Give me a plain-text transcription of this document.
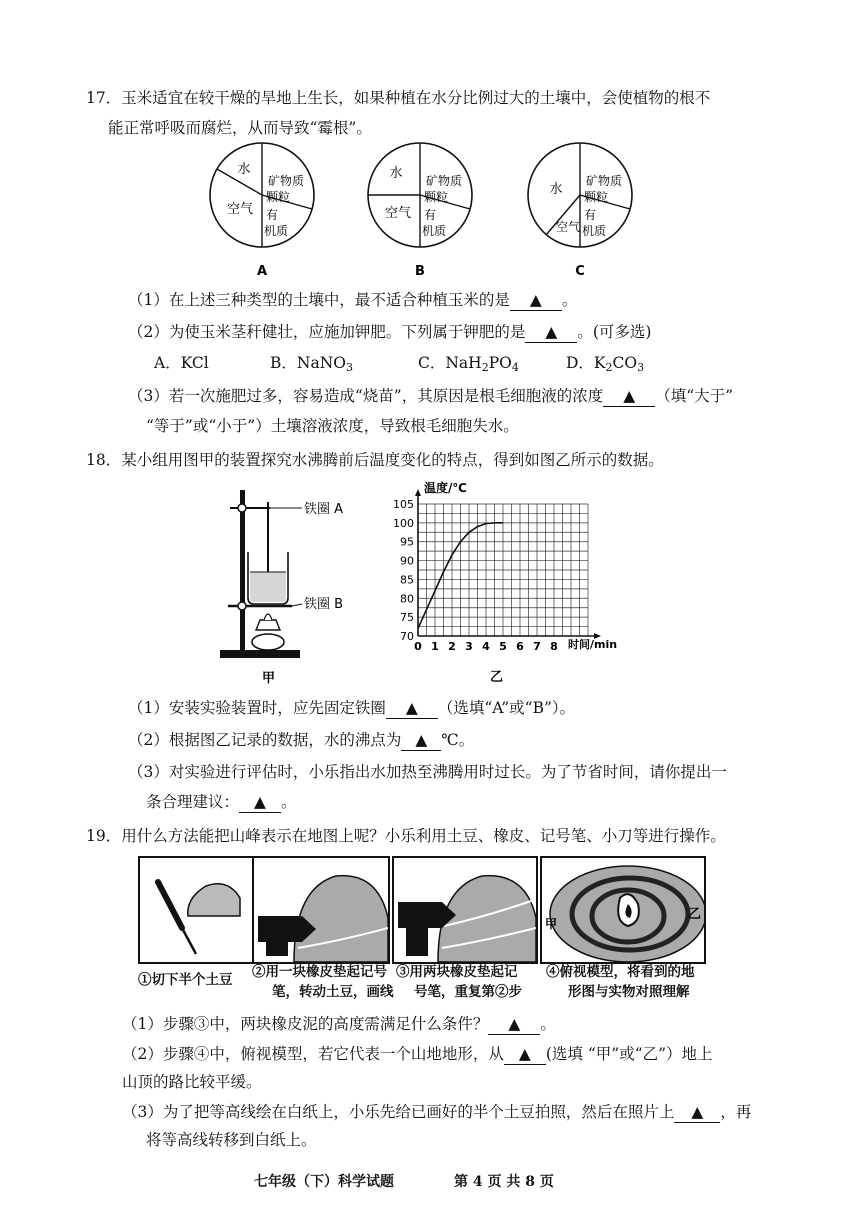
17．玉米适宜在较干燥的旱地上生长，如果种植在水分比例过大的土壤中，会使植物的根不
能正常呼吸而腐烂，从而导致“霉根”。
水
空气
矿物质
颗粒
有
机质
A
水
空气
矿物质
颗粒
有
机质
B
水
空气
矿物质
颗粒
有
机质
C
（1）在上述三种类型的土壤中，最不适合种植玉米的是 ▲ 。
（2）为使玉米茎秆健壮，应施加钾肥。下列属于钾肥的是 ▲ 。(可多选)
A．KCl	B．NaNO$_3$	C．$NaH_2PO_4$	D．$K_2CO_3$
（3）若一次施肥过多，容易造成“烧苗”，其原因是根毛细胞液的浓度 ▲ （填“大于”
“等于”或“小于”）土壤溶液浓度，导致根毛细胞失水。
18．某小组用图甲的装置探究水沸腾前后温度变化的特点，得到如图乙所示的数据。
铁圈 A
铁圈 B
甲
0 1 2 3 4 5 6 7 8
70
75
80
85
90
95
100
105
温度/℃
时间/min
乙
（1）安装实验装置时，应先固定铁圈 ▲ （选填“A”或“B”）。
（2）根据图乙记录的数据，水的沸点为 ▲ ℃。
（3）对实验进行评估时，小乐指出水加热至沸腾用时过长。为了节省时间，请你提出一
条合理建议： ▲ 。
19．用什么方法能把山峰表示在地图上呢？小乐利用土豆、橡皮、记号笔、小刀等进行操作。
甲
乙
①切下半个土豆 ②用一块橡皮垫起记号
笔，转动土豆，画线
③用两块橡皮垫起记
号笔，重复第②步
④俯视模型，将看到的地
形图与实物对照理解
（1）步骤③中，两块橡皮泥的高度需满足什么条件？ ▲ 。
（2）步骤④中，俯视模型，若它代表一个山地地形，从 ▲ (选填 “甲”或“乙”）地上
山顶的路比较平缓。
（3）为了把等高线绘在白纸上，小乐先给已画好的半个土豆拍照，然后在照片上 ▲ ，再
将等高线转移到白纸上。
七年级（下）科学试题	第 4 页 共 8 页
